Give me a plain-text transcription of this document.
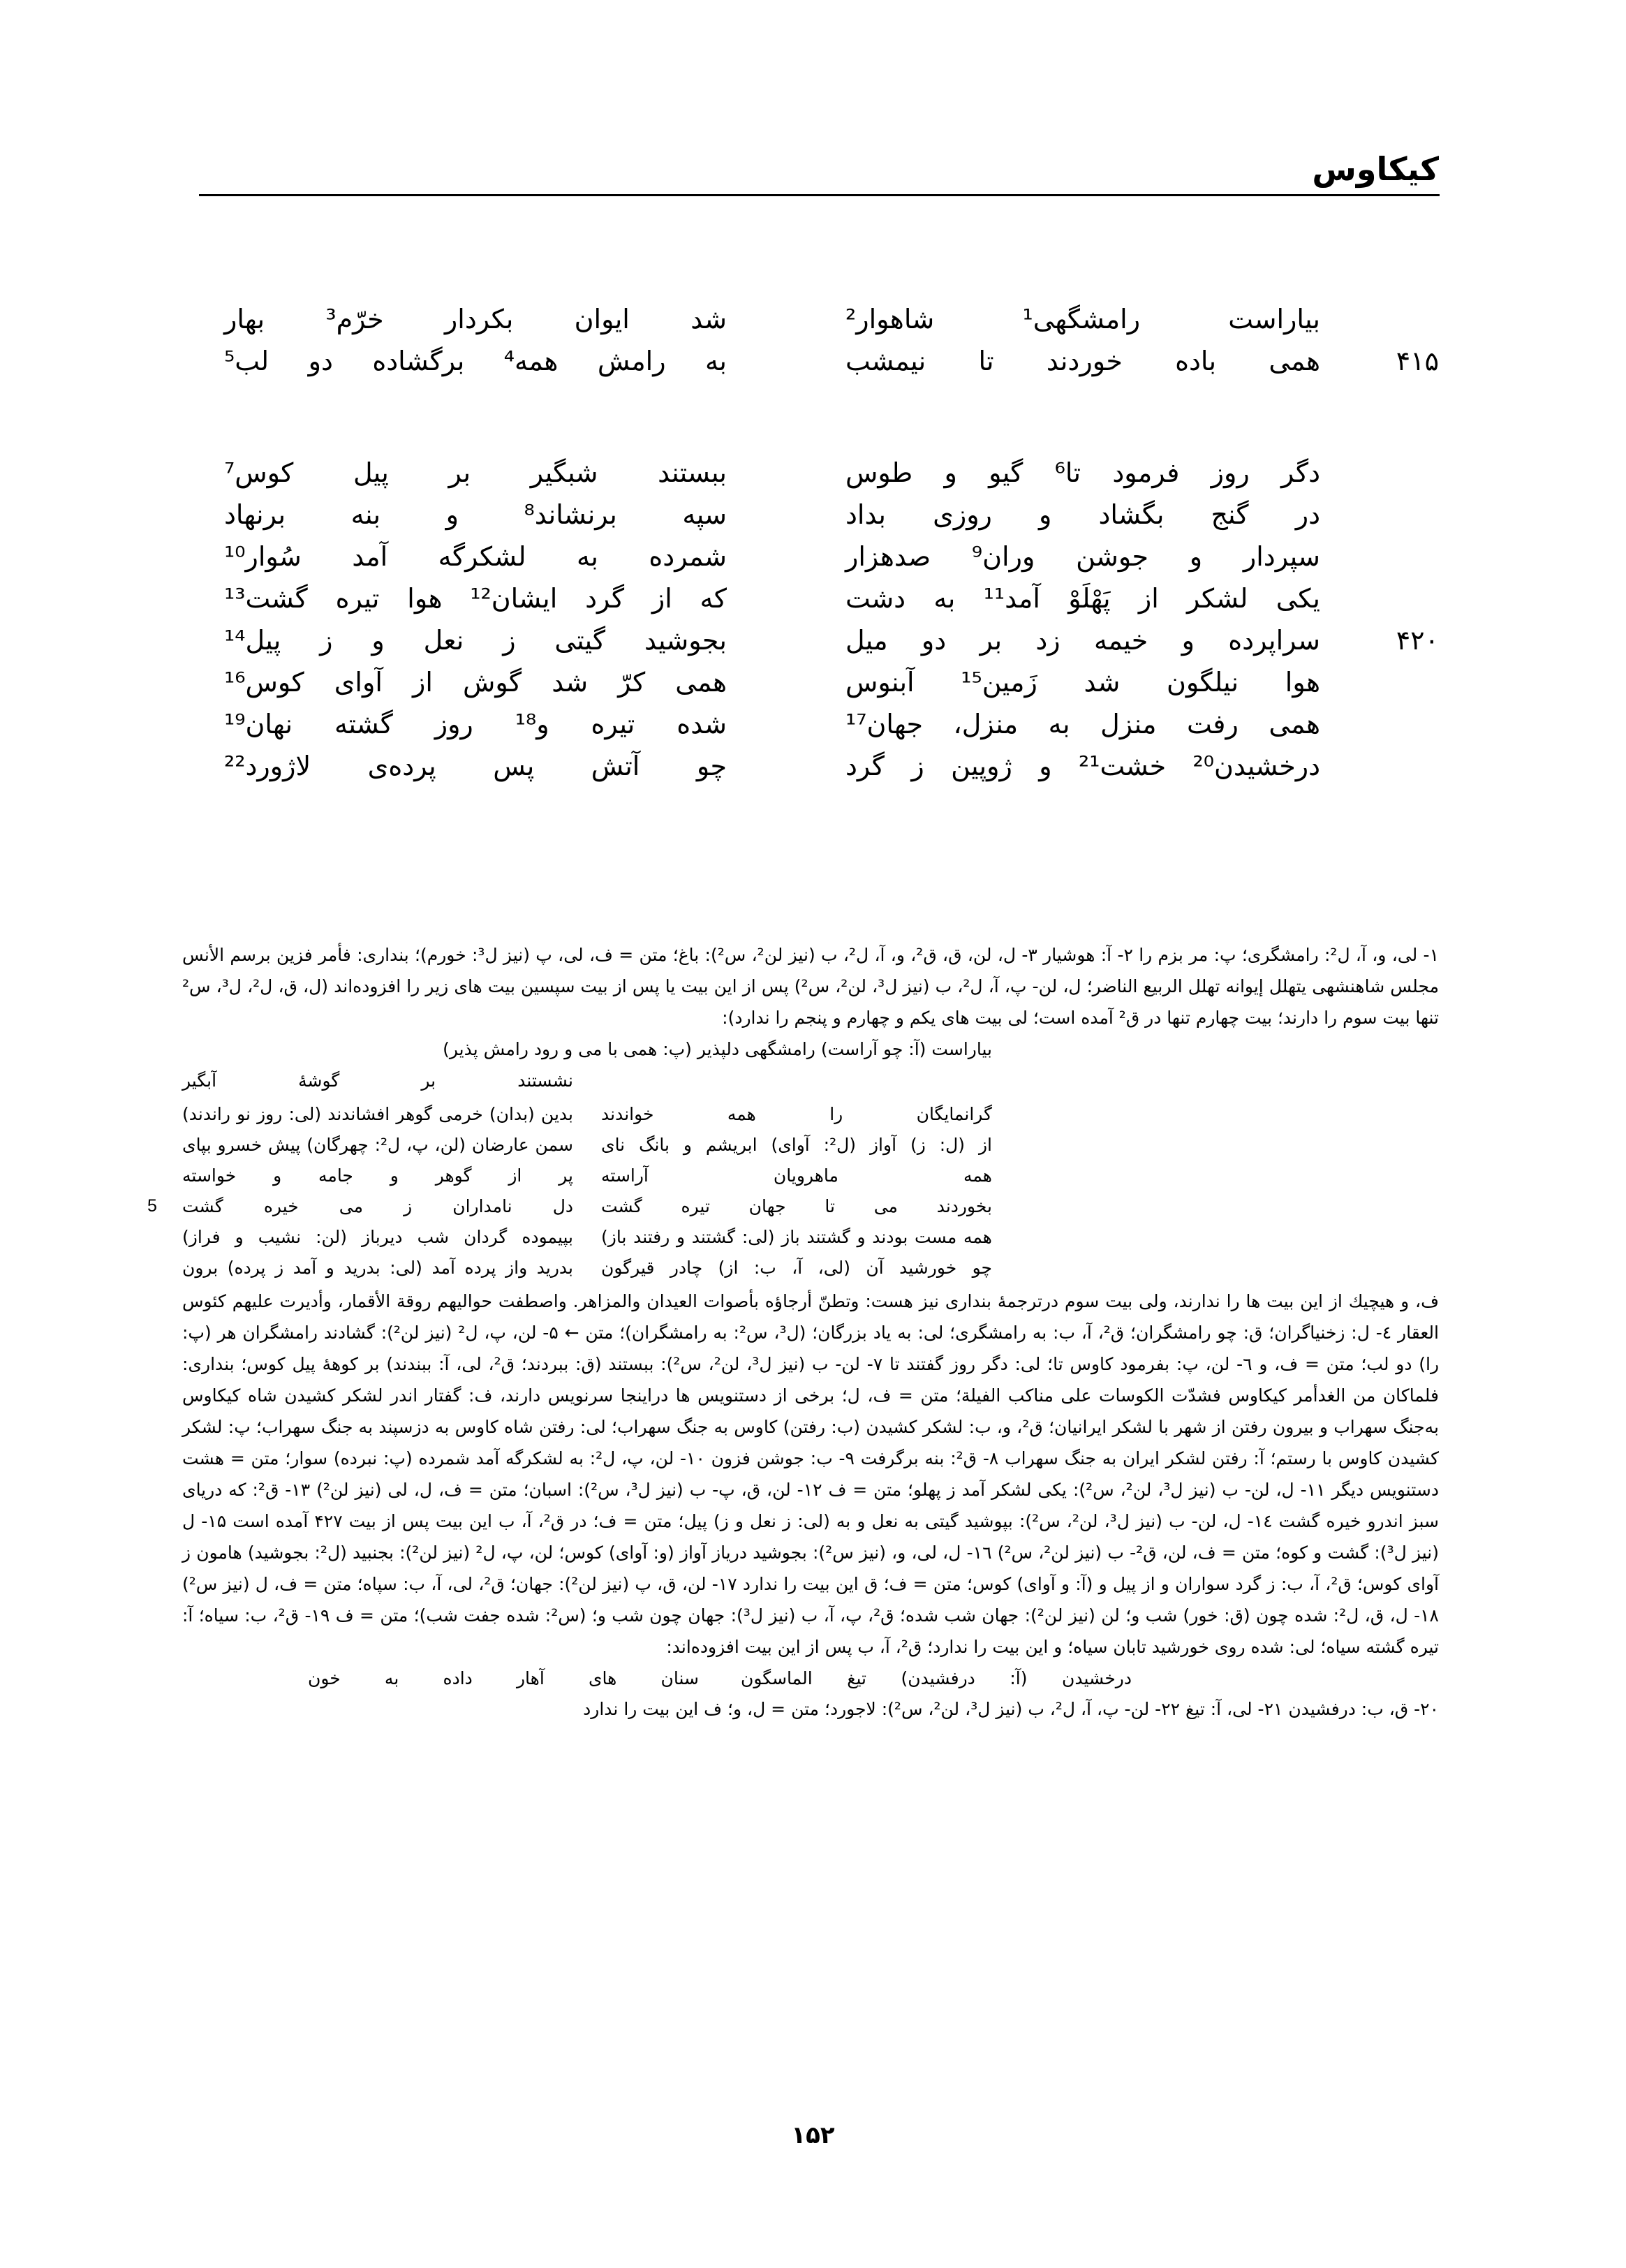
کیکاوس
بیاراست رامشگهی¹ شاهوار²
شد ایوان بکردار خرّم³ بهار
۴۱۵
همی باده خوردند تا نیمشب
به رامش همه⁴ برگشاده دو لب⁵
دگر روز فرمود تا⁶ گیو و طوس
ببستند شبگیر بر پیل کوس⁷
در گنج بگشاد و روزی بداد
سپه برنشاند⁸ و بنه برنهاد
سپردار و جوشن وران⁹ صدهزار
شمرده به لشکرگه آمد سُوار¹⁰
یکی لشکر از پَهْلَوْ آمد¹¹ به دشت
که از گرد ایشان¹² هوا تیره گشت¹³
۴۲۰
سراپرده و خیمه زد بر دو میل
بجوشید گیتی ز نعل و ز پیل¹⁴
هوا نیلگون شد زَمین¹⁵ آبنوس
همی کرّ شد گوش از آوای کوس¹⁶
همی رفت منزل به منزل، جهان¹⁷
شده تیره و¹⁸ روز گشته نهان¹⁹
درخشیدن²⁰ خشت²¹ و ژوپین ز گرد
چو آتش پس پرده‌ی لاژورد²²

۱- لی، و، آ، ل²: رامشگری؛ پ: مر بزم را ۲- آ: هوشیار ۳- ل، لن، ق، ق²، و، آ، ل²، ب (نیز لن²، س²): باغ؛ متن = ف، لی، پ (نیز ل³: خورم)؛ بنداری: فأمر فزین برسم الأنس مجلس شاهنشهی یتهلل إیوانه تهلل الربیع الناضر؛ ل، لن- پ، آ، ل²، ب (نیز ل³، لن²، س²) پس از این بیت یا پس از بیت سپسین بیت های زیر را افزوده‌اند (ل، ق، ل²، ل³، س² تنها بیت سوم را دارند؛ بیت چهارم تنها در ق² آمده است؛ لی بیت های یکم و چهارم و پنجم را ندارد):

بیاراست (آ: چو آراست) رامشگهی دلپذیر (پ: همی با می و رود رامش پذیر)
نشستند بر گوشهٔ آبگیر
گرانمایگان را همه خواندند
بدین (بدان) خرمی گوهر افشاندند (لی: روز نو راندند)
از (ل: ز) آواز (ل²: آوای) ابریشم و بانگ نای
سمن عارضان (لن، پ، ل²: چهرگان) پیش خسرو بپای
همه ماهرویان آراسته
پر از گوهر و جامه و خواسته
5	بخوردند می تا جهان تیره گشت
دل نامداران ز می خیره گشت
همه مست بودند و گشتند باز (لی: گشتند و رفتند باز)
بپیموده گردان شب دیرباز (لن: نشیب و فراز)
چو خورشید آن (لی، آ، ب: از) چادر قیرگون
بدرید واز پرده آمد (لی: بدرید و آمد ز پرده) برون

ف، و هیچیك از این بیت ها را ندارند، ولی بیت سوم درترجمهٔ بنداری نیز هست: وتطنّ أرجاؤه بأصوات العیدان والمزاهر. واصطفت حوالیهم روقة الأقمار، وأدیرت علیهم كئوس العقار ٤- ل: زخنیاگران؛ ق: چو رامشگران؛ ق²، آ، ب: به رامشگری؛ لی: به یاد بزرگان؛ (ل³، س²: به رامشگران)؛ متن ← ۵- لن، پ، ل² (نیز لن²): گشادند رامشگران هر (پ: را) دو لب؛ متن = ف، و ٦- لن، پ: بفرمود کاوس تا؛ لی: دگر روز گفتند تا ۷- لن- ب (نیز ل³، لن²، س²): ببستند (ق: ببردند؛ ق²، لی، آ: ببندند) بر کوههٔ پیل کوس؛ بنداری: فلماکان من الغدأمر کیکاوس فشدّت الکوسات علی مناکب الفیلة؛ متن = ف، ل؛ برخی از دستنویس ها دراینجا سرنویس دارند، ف: گفتار اندر لشکر کشیدن شاه کیکاوس به‌جنگ سهراب و بیرون رفتن از شهر با لشکر ایرانیان؛ ق²، و، ب: لشکر کشیدن (ب: رفتن) کاوس به جنگ سهراب؛ لی: رفتن شاه کاوس به دزسپند به جنگ سهراب؛ پ: لشکر کشیدن کاوس با رستم؛ آ: رفتن لشکر ایران به جنگ سهراب ۸- ق²: بنه برگرفت ۹- ب: جوشن فزون ۱۰- لن، پ، ل²: به لشکرگه آمد شمرده (پ: نبرده) سوار؛ متن = هشت دستنویس دیگر ۱۱- ل، لن- ب (نیز ل³، لن²، س²): یکی لشکر آمد ز پهلو؛ متن = ف ۱۲- لن، ق، پ- ب (نیز ل³، س²): اسبان؛ متن = ف، ل، لی (نیز لن²) ۱۳- ق²: که دریای سبز اندرو خیره گشت ۱٤- ل، لن- ب (نیز ل³، لن²، س²): بپوشید گیتی به نعل و به (لی: ز نعل و ز) پیل؛ متن = ف؛ در ق²، آ، ب این بیت پس از بیت ۴۲۷ آمده است ۱۵- ل (نیز ل³): گشت و کوه؛ متن = ف، لن، ق²- ب (نیز لن²، س²) ۱٦- ل، لی، و، (نیز س²): بجوشید دریاز آواز (و: آوای) کوس؛ لن، پ، ل² (نیز لن²): بجنبید (ل²: بجوشید) هامون ز آوای کوس؛ ق²، آ، ب: ز گرد سواران و از پیل و (آ: و آوای) کوس؛ متن = ف؛ ق این بیت را ندارد ۱۷- لن، ق، پ (نیز لن²): جهان؛ ق²، لی، آ، ب: سپاه؛ متن = ف، ل (نیز س²) ۱۸- ل، ق، ل²: شده چون (ق: خور) شب و؛ لن (نیز لن²): جهان شب شده؛ ق²، پ، آ، ب (نیز ل³): جهان چون شب و؛ (س²: شده جفت شب)؛ متن = ف ۱۹- ق²، ب: سیاه؛ آ: تیره گشته سیاه؛ لی: شده روی خورشید تابان سیاه؛ و این بیت را ندارد؛ ق²، آ، ب پس از این بیت افزوده‌اند:

درخشیدن (آ: درفشیدن) تیغ الماسگون
سنان های آهار داده به خون

۲۰- ق، ب: درفشیدن ۲۱- لی، آ: تیغ ۲۲- لن- پ، آ، ل²، ب (نیز ل³، لن²، س²): لاجورد؛ متن = ل، و؛ ف این بیت را ندارد

۱۵۲
